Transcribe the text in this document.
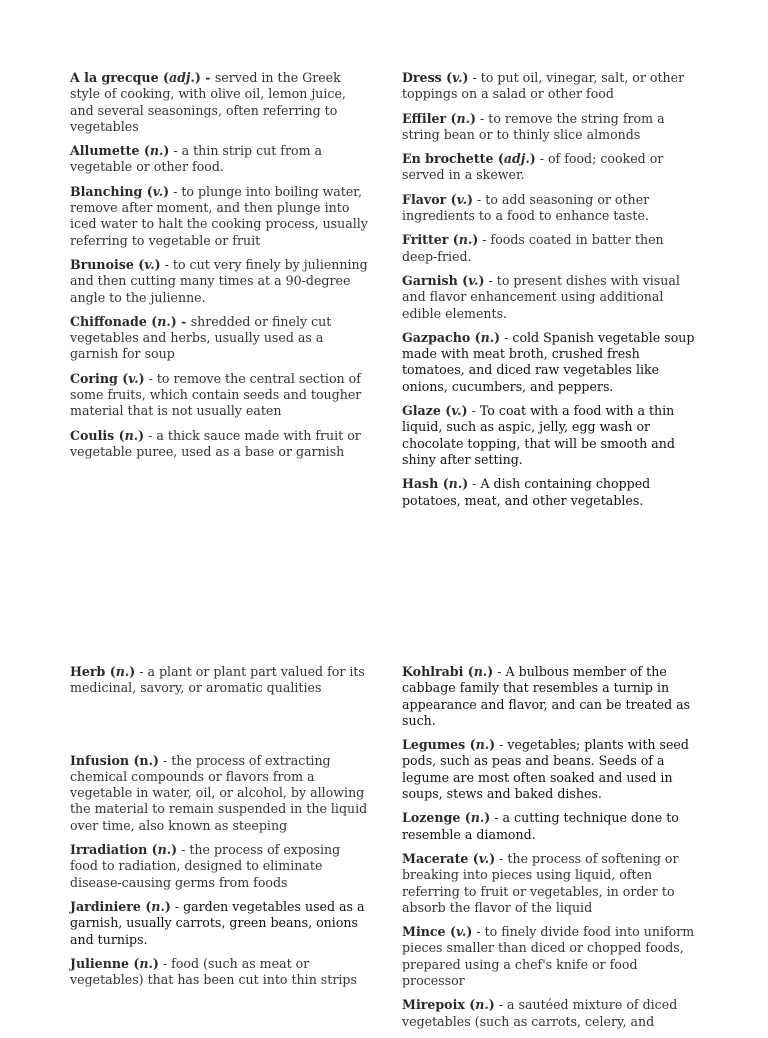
A la grecque (adj.) - served in the Greek style of cooking, with olive oil, lemon juice, and several seasonings, often referring to vegetables

Allumette (n.) - a thin strip cut from a vegetable or other food.

Blanching (v.) - to plunge into boiling water, remove after moment, and then plunge into iced water to halt the cooking process, usually referring to vegetable or fruit

Brunoise (v.) - to cut very finely by julienning and then cutting many times at a 90-degree angle to the julienne.

Chiffonade (n.) - shredded or finely cut vegetables and herbs, usually used as a garnish for soup

Coring (v.) - to remove the central section of some fruits, which contain seeds and tougher material that is not usually eaten

Coulis (n.) - a thick sauce made with fruit or vegetable puree, used as a base or garnish

Dress (v.) - to put oil, vinegar, salt, or other toppings on a salad or other food

Effiler (n.) - to remove the string from a string bean or to thinly slice almonds

En brochette (adj.) - of food; cooked or served in a skewer.

Flavor (v.) - to add seasoning or other ingredients to a food to enhance taste.

Fritter (n.) - foods coated in batter then deep-fried.

Garnish (v.) - to present dishes with visual and flavor enhancement using additional edible elements.

Gazpacho (n.) - cold Spanish vegetable soup made with meat broth, crushed fresh tomatoes, and diced raw vegetables like onions, cucumbers, and peppers.

Glaze (v.) - To coat with a food with a thin liquid, such as aspic, jelly, egg wash or chocolate topping, that will be smooth and shiny after setting.

Hash (n.) - A dish containing chopped potatoes, meat, and other vegetables.

Herb (n.) - a plant or plant part valued for its medicinal, savory, or aromatic qualities

Infusion (n.) - the process of extracting chemical compounds or flavors from a vegetable in water, oil, or alcohol, by allowing the material to remain suspended in the liquid over time, also known as steeping

Irradiation (n.) - the process of exposing food to radiation, designed to eliminate disease-causing germs from foods

Jardiniere (n.) - garden vegetables used as a garnish, usually carrots, green beans, onions and turnips.

Julienne (n.) - food (such as meat or vegetables) that has been cut into thin strips

Kohlrabi (n.) - A bulbous member of the cabbage family that resembles a turnip in appearance and flavor, and can be treated as such.

Legumes (n.) - vegetables; plants with seed pods, such as peas and beans. Seeds of a legume are most often soaked and used in soups, stews and baked dishes.

Lozenge (n.) - a cutting technique done to resemble a diamond.

Macerate (v.) - the process of softening or breaking into pieces using liquid, often referring to fruit or vegetables, in order to absorb the flavor of the liquid

Mince (v.) - to finely divide food into uniform pieces smaller than diced or chopped foods, prepared using a chef's knife or food processor

Mirepoix (n.) - a sautéed mixture of diced vegetables (such as carrots, celery, and
